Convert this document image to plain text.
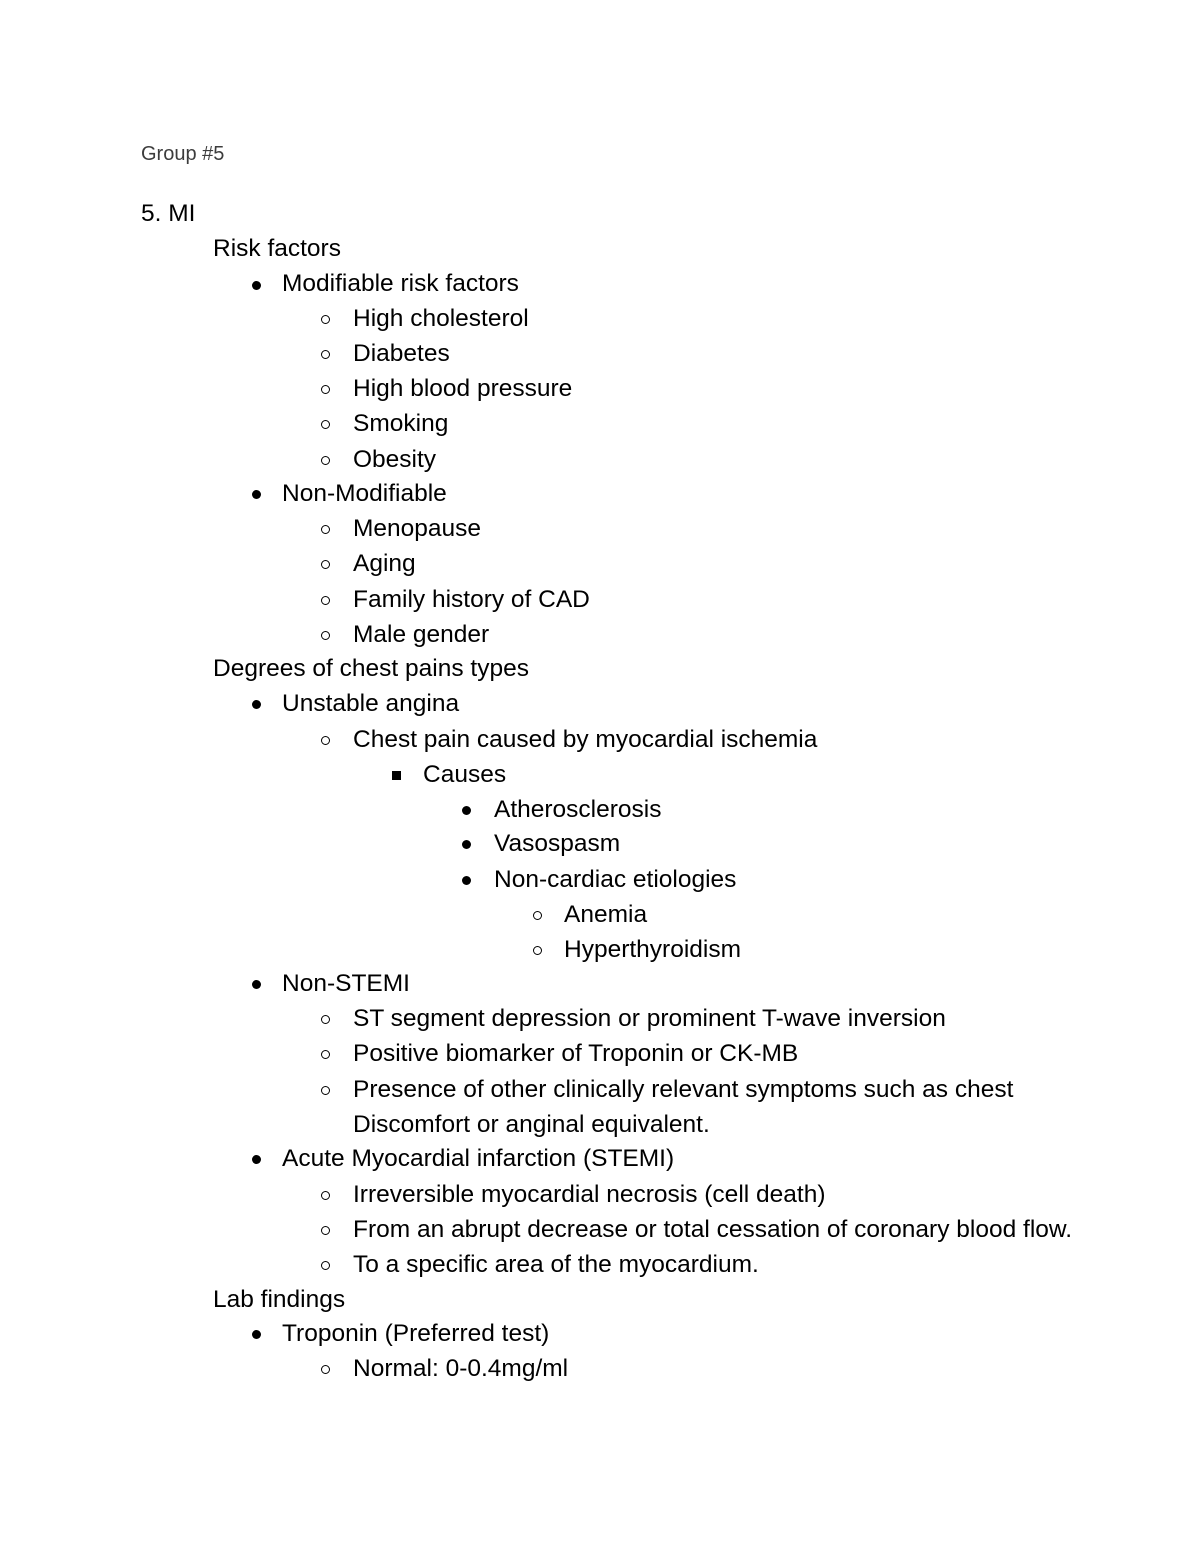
Group #5
5. MI
Risk factors
Modifiable risk factors
High cholesterol
Diabetes
High blood pressure
Smoking
Obesity
Non-Modifiable
Menopause
Aging
Family history of CAD
Male gender
Degrees of chest pains types
Unstable angina
Chest pain caused by myocardial ischemia
Causes
Atherosclerosis
Vasospasm
Non-cardiac etiologies
Anemia
Hyperthyroidism
Non-STEMI
ST segment depression or prominent T-wave inversion
Positive biomarker of Troponin or CK-MB
Presence of other clinically relevant symptoms such as chest
Discomfort or anginal equivalent.
Acute Myocardial infarction (STEMI)
Irreversible myocardial necrosis (cell death)
From an abrupt decrease or total cessation of coronary blood flow.
To a specific area of the myocardium.
Lab findings
Troponin (Preferred test)
Normal: 0-0.4mg/ml
